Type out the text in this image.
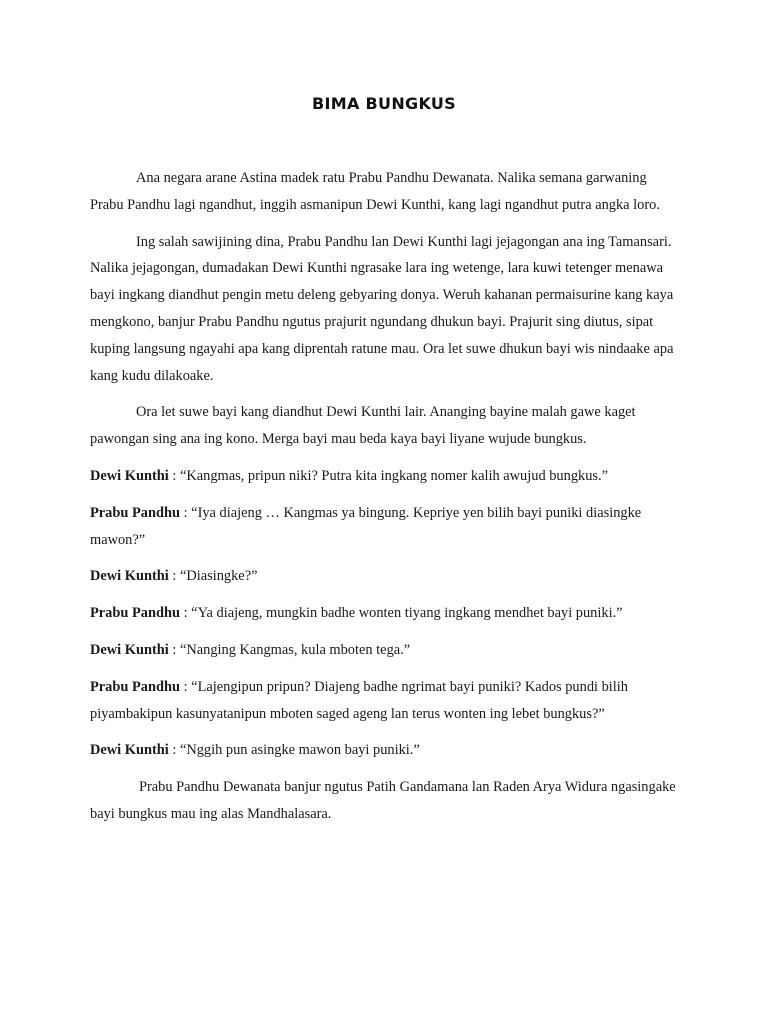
BIMA BUNGKUS

Ana negara arane Astina madek ratu Prabu Pandhu Dewanata. Nalika semana garwaning Prabu Pandhu lagi ngandhut, inggih asmanipun Dewi Kunthi, kang lagi ngandhut putra angka loro.

Ing salah sawijining dina, Prabu Pandhu lan Dewi Kunthi lagi jejagongan ana ing Tamansari. Nalika jejagongan, dumadakan Dewi Kunthi ngrasake lara ing wetenge, lara kuwi tetenger menawa bayi ingkang diandhut pengin metu deleng gebyaring donya. Weruh kahanan permaisurine kang kaya mengkono, banjur Prabu Pandhu ngutus prajurit ngundang dhukun bayi. Prajurit sing diutus, sipat kuping langsung ngayahi apa kang diprentah ratune mau. Ora let suwe dhukun bayi wis nindaake apa kang kudu dilakoake.

Ora let suwe bayi kang diandhut Dewi Kunthi lair. Ananging bayine malah gawe kaget pawongan sing ana ing kono. Merga bayi mau beda kaya bayi liyane wujude bungkus.

Dewi Kunthi : “Kangmas, pripun niki? Putra kita ingkang nomer kalih awujud bungkus.”

Prabu Pandhu : “Iya diajeng … Kangmas ya bingung. Kepriye yen bilih bayi puniki diasingke mawon?”

Dewi Kunthi : “Diasingke?”

Prabu Pandhu : “Ya diajeng, mungkin badhe wonten tiyang ingkang mendhet bayi puniki.”

Dewi Kunthi : “Nanging Kangmas, kula mboten tega.”

Prabu Pandhu : “Lajengipun pripun? Diajeng badhe ngrimat bayi puniki? Kados pundi bilih piyambakipun kasunyatanipun mboten saged ageng lan terus wonten ing lebet bungkus?”

Dewi Kunthi : “Nggih pun asingke mawon bayi puniki.”

Prabu Pandhu Dewanata banjur ngutus Patih Gandamana lan Raden Arya Widura ngasingake bayi bungkus mau ing alas Mandhalasara.
